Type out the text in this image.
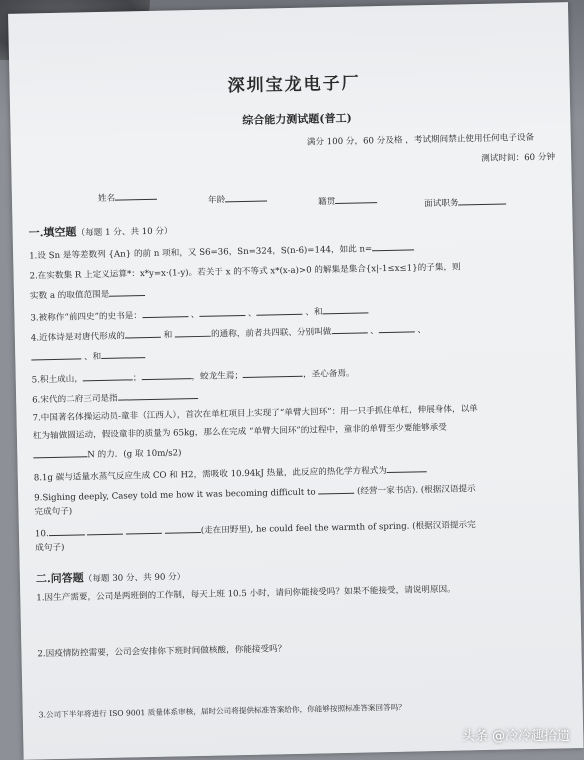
深圳宝龙电子厂
综合能力测试题(普工)
满分 100 分，60 分及格 ，考试期间禁止使用任何电子设备
测试时间：60 分钟
姓名	年龄	籍贯	面试职务
一.填空题（每题 1 分、共 10 分）
1.设 Sn 是等差数列 {An} 的前 n 项和，又 S6=36，Sn=324，S(n-6)=144，如此 n=
2.在实数集 R 上定义运算*：x*y=x·(1-y)。若关于 x 的不等式 x*(x-a)>0 的解集是集合{x|-1≤x≤1}的子集，则
实数 a 的取值范围是
3.被称作“前四史”的史书是：	、	、	、和
4.近体诗是对唐代形成的	和	的通称，前者共四联、分别叫做	、	、
、和
5.积土成山，	；	，蛟龙生焉；	，圣心备焉。
6.宋代的二府三司是指
7.中国著名体操运动员-童非（江西人），首次在单杠项目上实现了“单臂大回环”：用一只手抓住单杠，伸展身体，以单
杠为轴做圆运动，假设童非的质量为 65kg，那么在完成 “单臂大回环”的过程中，童非的单臂至少要能够承受
N 的力．(g 取 10m/s2)
8.1g 碳与适量水蒸气反应生成 CO 和 H2，需吸收 10.94kJ 热量，此反应的热化学方程式为
9.Sighing deeply, Casey told me how it was becoming difficult to	(经营一家书店). (根据汉语提示
完成句子)
10.	(走在田野里), he could feel the warmth of spring. (根据汉语提示完
成句子)
二.问答题（每题 30 分、共 90 分）
1.因生产需要，公司是两班倒的工作制，每天上班 10.5 小时，请问你能接受吗？如果不能接受，请说明原因。
2.因疫情防控需要，公司会安排你下班时间做核酸，你能接受吗？
3.公司下半年将进行 ISO 9001 质量体系审核，届时公司将提供标准答案给你，你能够按照标准答案回答吗？
头条 @冷冷趣拾遗
